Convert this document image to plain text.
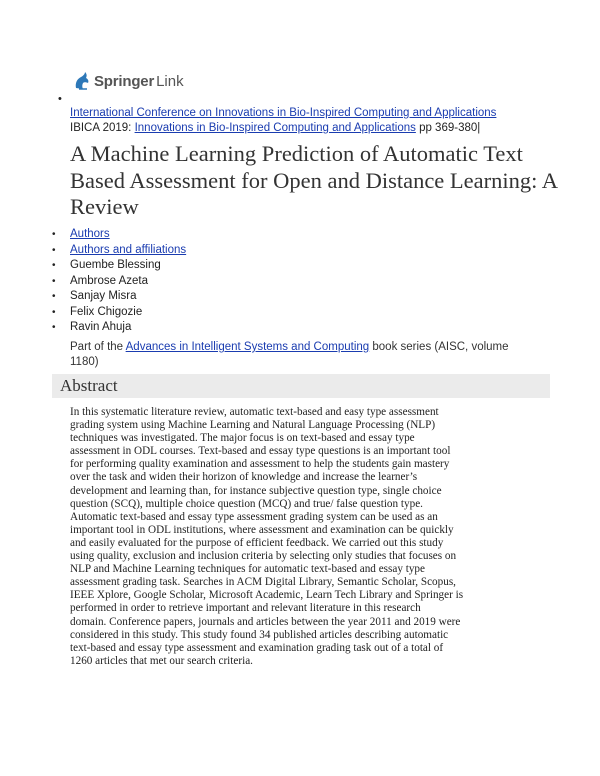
Springer Link
•
International Conference on Innovations in Bio-Inspired Computing and Applications
IBICA 2019: Innovations in Bio-Inspired Computing and Applications pp 369-380|
A Machine Learning Prediction of Automatic Text Based Assessment for Open and Distance Learning: A Review
• Authors
• Authors and affiliations
• Guembe Blessing
• Ambrose Azeta
• Sanjay Misra
• Felix Chigozie
• Ravin Ahuja
Part of the Advances in Intelligent Systems and Computing book series (AISC, volume 1180)
Abstract
In this systematic literature review, automatic text-based and easy type assessment
grading system using Machine Learning and Natural Language Processing (NLP)
techniques was investigated. The major focus is on text-based and essay type
assessment in ODL courses. Text-based and essay type questions is an important tool
for performing quality examination and assessment to help the students gain mastery
over the task and widen their horizon of knowledge and increase the learner’s
development and learning than, for instance subjective question type, single choice
question (SCQ), multiple choice question (MCQ) and true/ false question type.
Automatic text-based and essay type assessment grading system can be used as an
important tool in ODL institutions, where assessment and examination can be quickly
and easily evaluated for the purpose of efficient feedback. We carried out this study
using quality, exclusion and inclusion criteria by selecting only studies that focuses on
NLP and Machine Learning techniques for automatic text-based and essay type
assessment grading task. Searches in ACM Digital Library, Semantic Scholar, Scopus,
IEEE Xplore, Google Scholar, Microsoft Academic, Learn Tech Library and Springer is
performed in order to retrieve important and relevant literature in this research
domain. Conference papers, journals and articles between the year 2011 and 2019 were
considered in this study. This study found 34 published articles describing automatic
text-based and essay type assessment and examination grading task out of a total of
1260 articles that met our search criteria.
